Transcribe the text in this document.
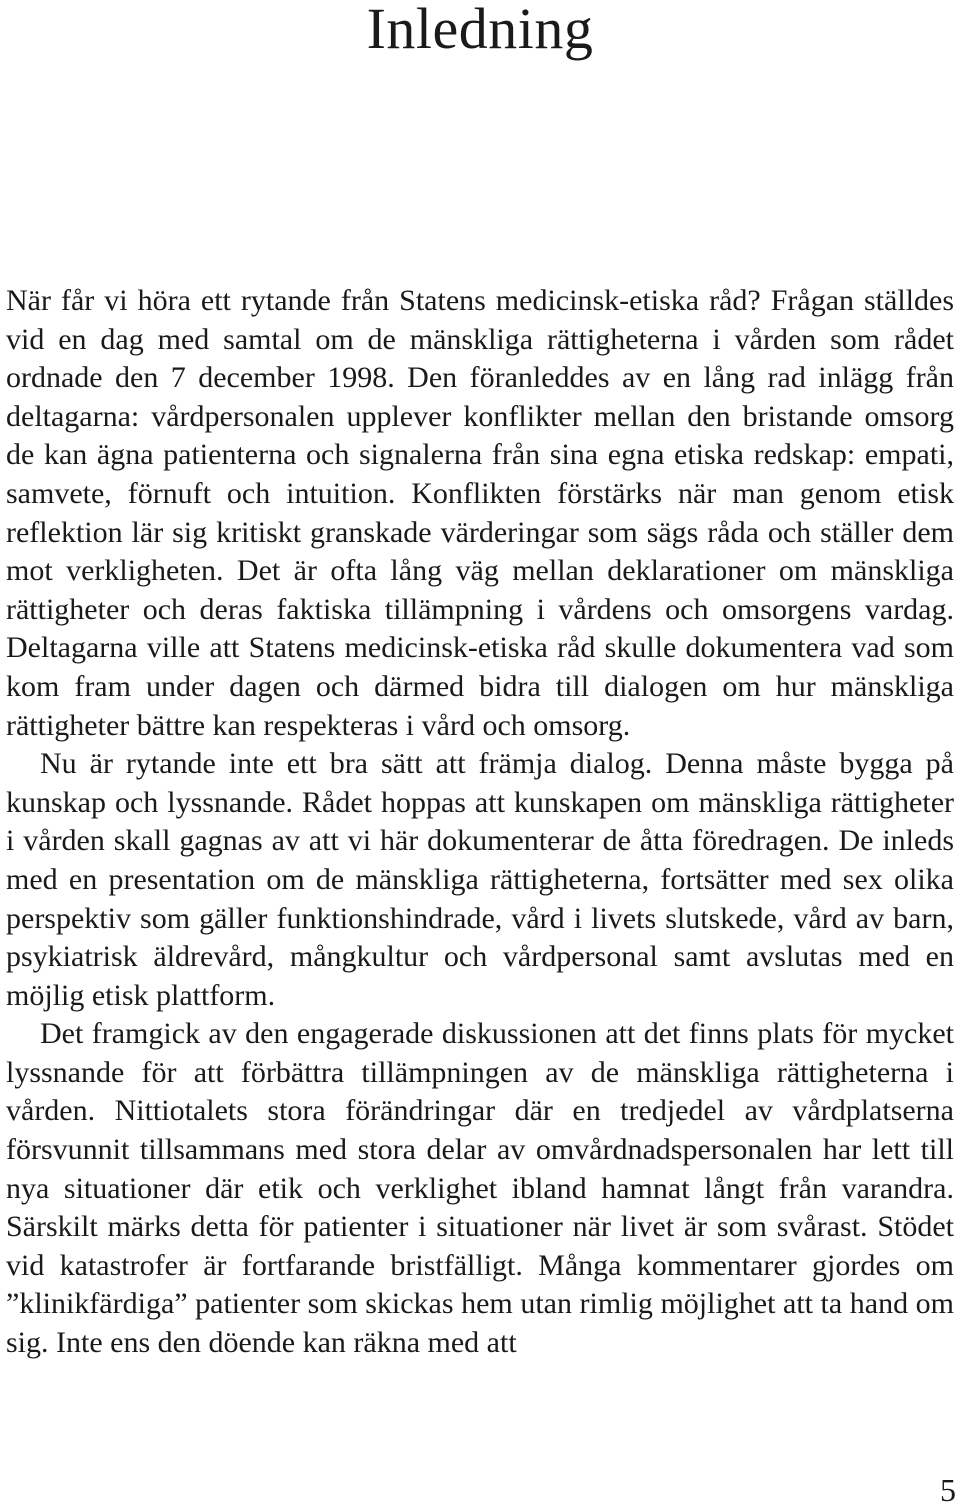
Inledning

När får vi höra ett rytande från Statens medicinsk-etiska råd? Frågan ställdes vid en dag med samtal om de mänskliga rättigheterna i vården som rådet ordnade den 7 december 1998. Den föranleddes av en lång rad inlägg från deltagarna: vårdpersonalen upplever konflikter mellan den bristande omsorg de kan ägna patienterna och signalerna från sina egna etiska redskap: empati, samvete, förnuft och intuition. Konflikten förstärks när man genom etisk reflektion lär sig kritiskt granskade värderingar som sägs råda och ställer dem mot verkligheten. Det är ofta lång väg mellan deklarationer om mänskliga rättigheter och deras faktiska tillämpning i vårdens och omsorgens vardag. Deltagarna ville att Statens medicinsk-etiska råd skulle dokumentera vad som kom fram under dagen och därmed bidra till dialogen om hur mänskliga rättigheter bättre kan respekteras i vård och omsorg.

Nu är rytande inte ett bra sätt att främja dialog. Denna måste bygga på kunskap och lyssnande. Rådet hoppas att kunskapen om mänskliga rättigheter i vården skall gagnas av att vi här dokumenterar de åtta föredragen. De inleds med en presentation om de mänskliga rättigheterna, fortsätter med sex olika perspektiv som gäller funktionshindrade, vård i livets slutskede, vård av barn, psykiatrisk äldrevård, mångkultur och vårdpersonal samt avslutas med en möjlig etisk plattform.

Det framgick av den engagerade diskussionen att det finns plats för mycket lyssnande för att förbättra tillämpningen av de mänskliga rättigheterna i vården. Nittiotalets stora förändringar där en tredjedel av vårdplatserna försvunnit tillsammans med stora delar av omvårdnadspersonalen har lett till nya situationer där etik och verklighet ibland hamnat långt från varandra. Särskilt märks detta för patienter i situationer när livet är som svårast. Stödet vid katastrofer är fortfarande bristfälligt. Många kommentarer gjordes om ”klinikfärdiga” patienter som skickas hem utan rimlig möjlighet att ta hand om sig. Inte ens den döende kan räkna med att

5
